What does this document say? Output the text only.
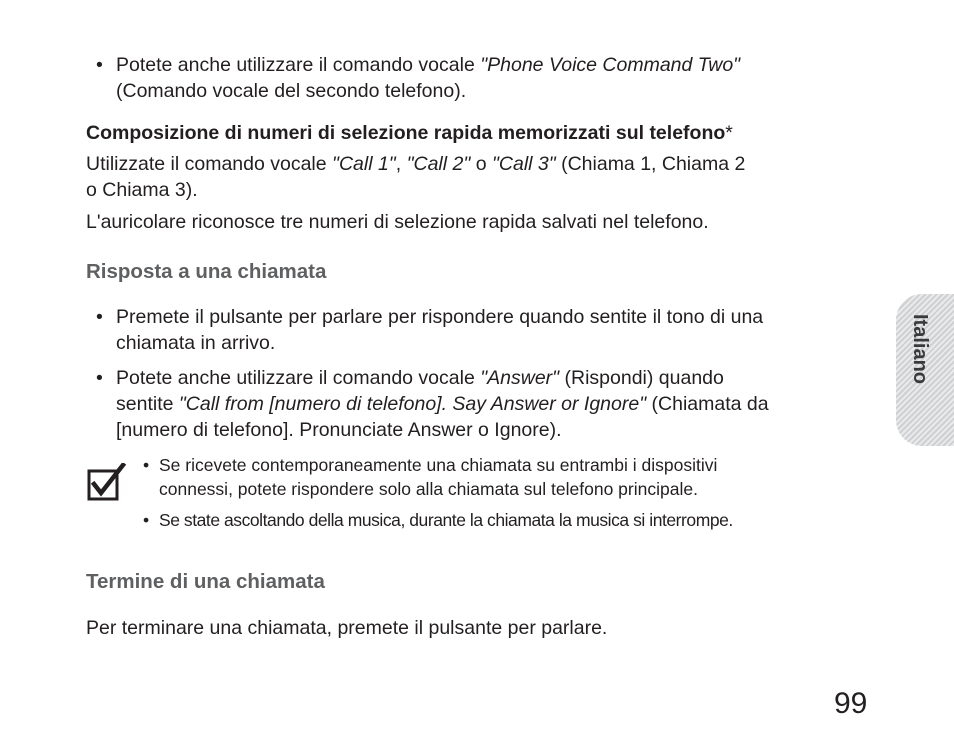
• Potete anche utilizzare il comando vocale "Phone Voice Command Two"
(Comando vocale del secondo telefono).
Composizione di numeri di selezione rapida memorizzati sul telefono*
Utilizzate il comando vocale "Call 1", "Call 2" o "Call 3" (Chiama 1, Chiama 2
o Chiama 3).
L'auricolare riconosce tre numeri di selezione rapida salvati nel telefono.
Risposta a una chiamata
• Premete il pulsante per parlare per rispondere quando sentite il tono di una
chiamata in arrivo.
• Potete anche utilizzare il comando vocale "Answer" (Rispondi) quando
sentite "Call from [numero di telefono]. Say Answer or Ignore" (Chiamata da
[numero di telefono]. Pronunciate Answer o Ignore).
• Se ricevete contemporaneamente una chiamata su entrambi i dispositivi
connessi, potete rispondere solo alla chiamata sul telefono principale.
• Se state ascoltando della musica, durante la chiamata la musica si interrompe.
Termine di una chiamata
Per terminare una chiamata, premete il pulsante per parlare.
Italiano
99
